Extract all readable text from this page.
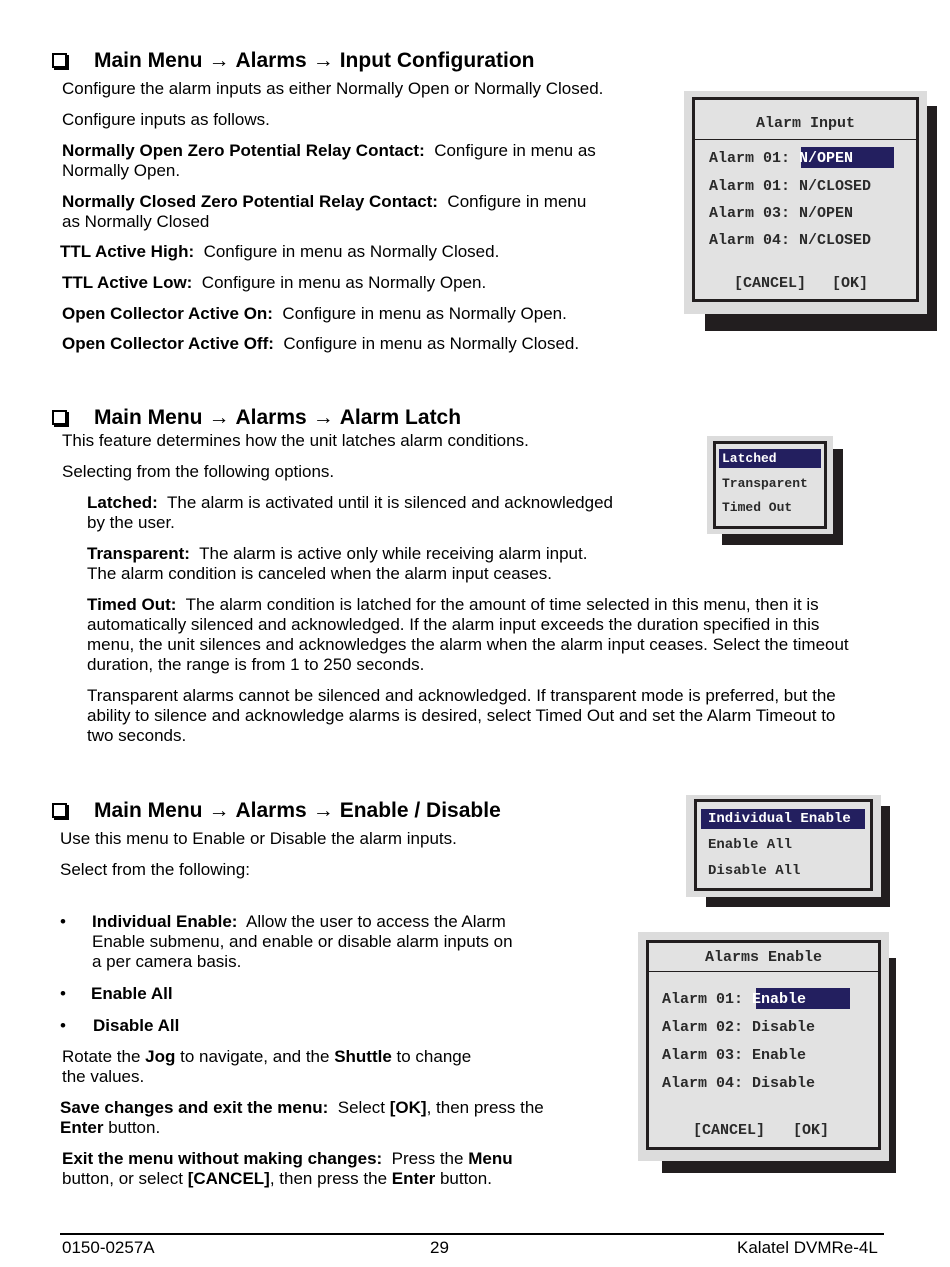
Main Menu → Alarms → Input Configuration

Configure the alarm inputs as either Normally Open or Normally Closed.

Configure inputs as follows.

Normally Open Zero Potential Relay Contact: Configure in menu as
Normally Open.

Normally Closed Zero Potential Relay Contact: Configure in menu
as Normally Closed

TTL Active High: Configure in menu as Normally Closed.

TTL Active Low: Configure in menu as Normally Open.

Open Collector Active On: Configure in menu as Normally Open.

Open Collector Active Off: Configure in menu as Normally Closed.

Alarm Input
Alarm 01: N/OPEN
Alarm 01: N/CLOSED
Alarm 03: N/OPEN
Alarm 04: N/CLOSED
[CANCEL] [OK]
Main Menu → Alarms → Alarm Latch

This feature determines how the unit latches alarm conditions.

Selecting from the following options.

Latched: The alarm is activated until it is silenced and acknowledged
by the user.

Transparent: The alarm is active only while receiving alarm input.
The alarm condition is canceled when the alarm input ceases.

Timed Out: The alarm condition is latched for the amount of time selected in this menu, then it is
automatically silenced and acknowledged. If the alarm input exceeds the duration specified in this
menu, the unit silences and acknowledges the alarm when the alarm input ceases. Select the timeout
duration, the range is from 1 to 250 seconds.

Transparent alarms cannot be silenced and acknowledged. If transparent mode is preferred, but the
ability to silence and acknowledge alarms is desired, select Timed Out and set the Alarm Timeout to
two seconds.

Latched
Transparent
Timed Out
Main Menu → Alarms → Enable / Disable

Use this menu to Enable or Disable the alarm inputs.

Select from the following:

• Individual Enable: Allow the user to access the Alarm
Enable submenu, and enable or disable alarm inputs on
a per camera basis.

• Enable All

• Disable All

Rotate the Jog to navigate, and the Shuttle to change
the values.

Save changes and exit the menu: Select [OK], then press the
Enter button.

Exit the menu without making changes: Press the Menu
button, or select [CANCEL], then press the Enter button.

Individual Enable
Enable All
Disable All
Alarms Enable
Alarm 01: Enable
Alarm 02: Disable
Alarm 03: Enable
Alarm 04: Disable
[CANCEL] [OK]
0150-0257A	29	Kalatel DVMRe-4L
